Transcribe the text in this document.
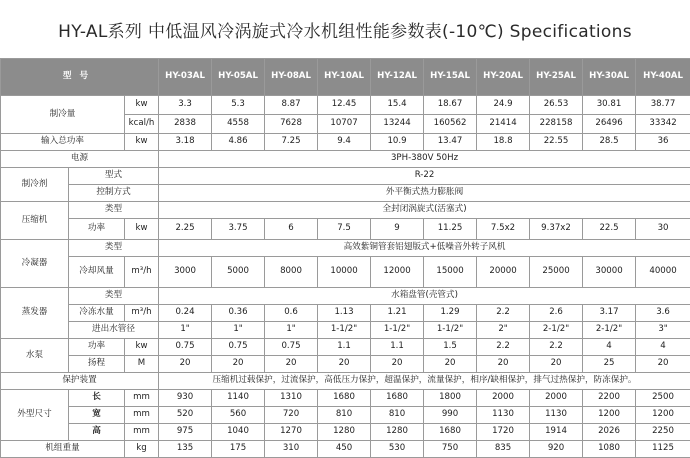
HY-AL系列 中低温风冷涡旋式冷水机组性能参数表(-10℃) Specifications
型号			HY-03AL	HY-05AL	HY-08AL	HY-10AL	HY-12AL	HY-15AL	HY-20AL	HY-25AL	HY-30AL	HY-40AL
制冷量		kw	3.3	5.3	8.87	12.45	15.4	18.67	24.9	26.53	30.81	38.77
		kcal/h	2838	4558	7628	10707	13244	160562	21414	228158	26496	33342
输入总功率		kw	3.18	4.86	7.25	9.4	10.9	13.47	18.8	22.55	28.5	36
电源			3PH-380V 50Hz									
制冷剂	型式		R-22									
	控制方式		外平衡式热力膨胀阀									
压缩机	类型		全封闭涡旋式(活塞式)									
	功率	kw	2.25	3.75	6	7.5	9	11.25	7.5x2	9.37x2	22.5	30
冷凝器	类型		高效紫铜管套铝翅版式+低噪音外转子风机									
	冷却风量	m³/h	3000	5000	8000	10000	12000	15000	20000	25000	30000	40000
蒸发器	类型		水箱盘管(壳管式)									
	冷冻水量	m³/h	0.24	0.36	0.6	1.13	1.21	1.29	2.2	2.6	3.17	3.6
	进出水管径		1"	1"	1"	1-1/2"	1-1/2"	1-1/2"	2"	2-1/2"	2-1/2"	3"
水泵	功率	kw	0.75	0.75	0.75	1.1	1.1	1.5	2.2	2.2	4	4
	扬程	M	20	20	20	20	20	20	20	20	25	20
保护装置			压缩机过载保护，过流保护，高低压力保护，超温保护，流量保护，相序/缺相保护，排气过热保护，防冻保护。									
外型尺寸	长	mm	930	1140	1310	1680	1680	1800	2000	2000	2200	2500
	宽	mm	520	560	720	810	810	990	1130	1130	1200	1200
	高	mm	975	1040	1270	1280	1280	1680	1720	1914	2026	2250
机组重量		kg	135	175	310	450	530	750	835	920	1080	1125
